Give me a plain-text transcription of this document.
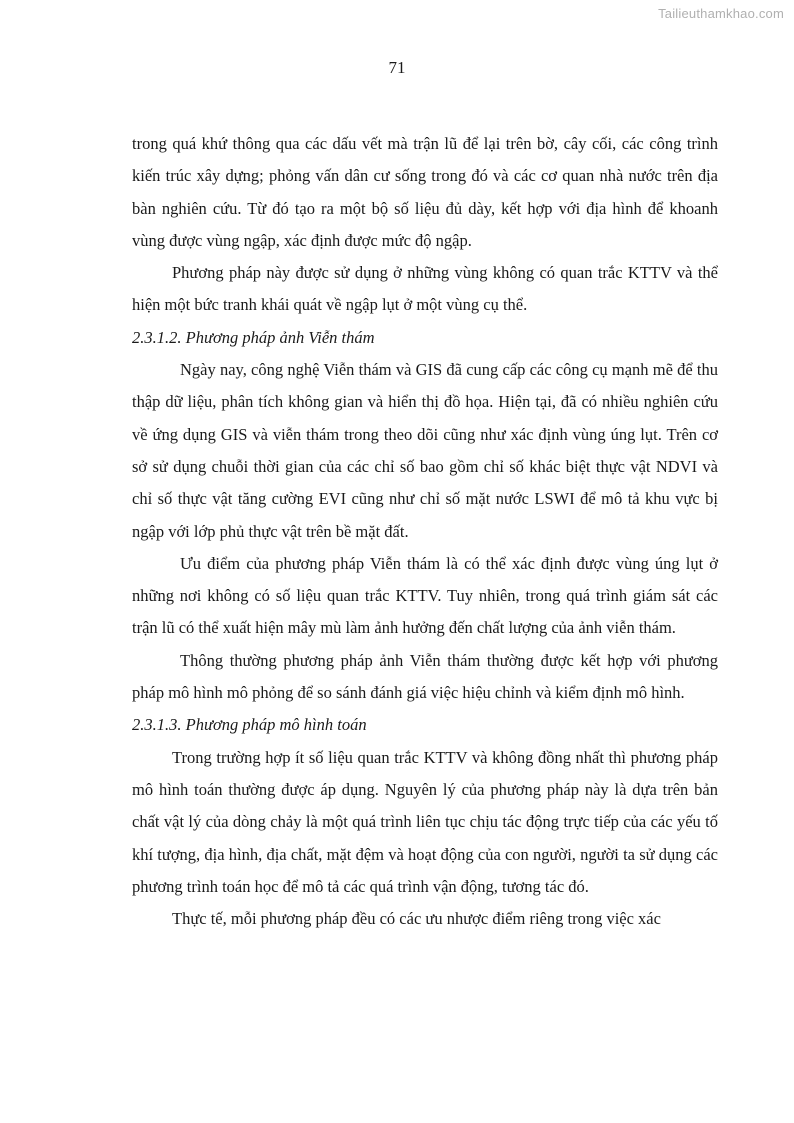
Tailieuthamkhao.com
71

trong quá khứ thông qua các dấu vết mà trận lũ để lại trên bờ, cây cối, các công trình kiến trúc xây dựng; phỏng vấn dân cư sống trong đó và các cơ quan nhà nước trên địa bàn nghiên cứu. Từ đó tạo ra một bộ số liệu đủ dày, kết hợp với địa hình để khoanh vùng được vùng ngập, xác định được mức độ ngập.

Phương pháp này được sử dụng ở những vùng không có quan trắc KTTV và thể hiện một bức tranh khái quát về ngập lụt ở một vùng cụ thể.

2.3.1.2. Phương pháp ảnh Viễn thám

Ngày nay, công nghệ Viễn thám và GIS đã cung cấp các công cụ mạnh mẽ để thu thập dữ liệu, phân tích không gian và hiển thị đồ họa. Hiện tại, đã có nhiều nghiên cứu về ứng dụng GIS và viễn thám trong theo dõi cũng như xác định vùng úng lụt. Trên cơ sở sử dụng chuỗi thời gian của các chỉ số bao gồm chỉ số khác biệt thực vật NDVI và chỉ số thực vật tăng cường EVI cũng như chỉ số mặt nước LSWI để mô tả khu vực bị ngập với lớp phủ thực vật trên bề mặt đất.

Ưu điểm của phương pháp Viễn thám là có thể xác định được vùng úng lụt ở những nơi không có số liệu quan trắc KTTV. Tuy nhiên, trong quá trình giám sát các trận lũ có thể xuất hiện mây mù làm ảnh hưởng đến chất lượng của ảnh viễn thám.

Thông thường phương pháp ảnh Viễn thám thường được kết hợp với phương pháp mô hình mô phỏng để so sánh đánh giá việc hiệu chỉnh và kiểm định mô hình.

2.3.1.3. Phương pháp mô hình toán

Trong trường hợp ít số liệu quan trắc KTTV và không đồng nhất thì phương pháp mô hình toán thường được áp dụng. Nguyên lý của phương pháp này là dựa trên bản chất vật lý của dòng chảy là một quá trình liên tục chịu tác động trực tiếp của các yếu tố khí tượng, địa hình, địa chất, mặt đệm và hoạt động của con người, người ta sử dụng các phương trình toán học để mô tả các quá trình vận động, tương tác đó.

Thực tế, mỗi phương pháp đều có các ưu nhược điểm riêng trong việc xác
